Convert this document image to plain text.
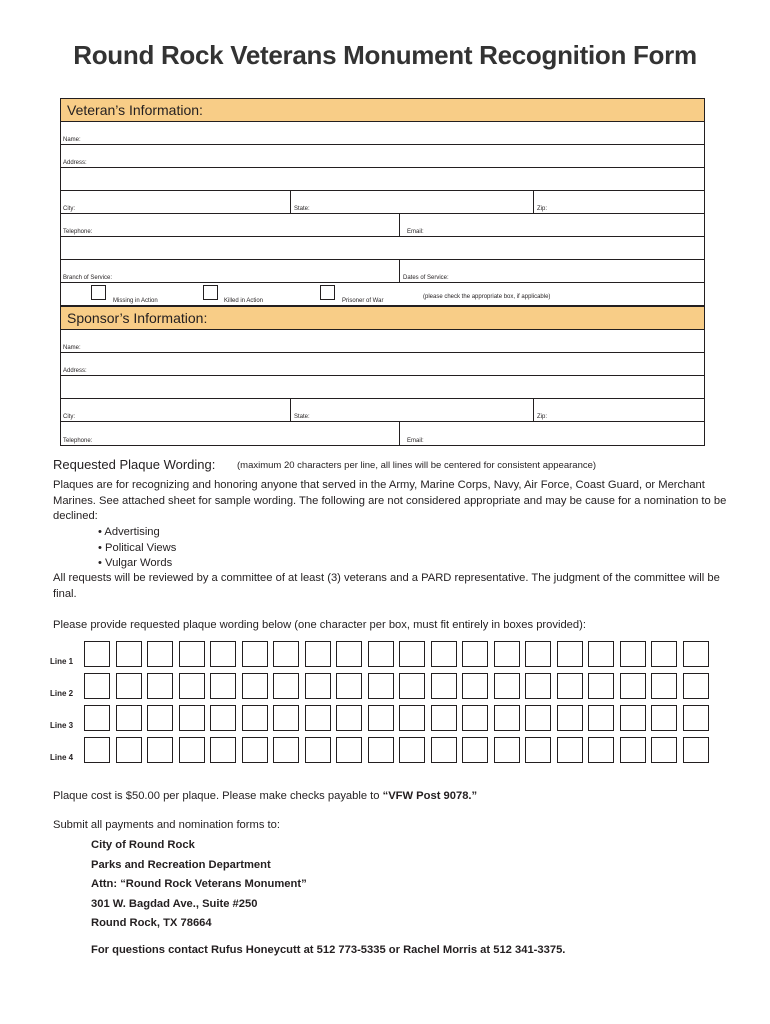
Round Rock Veterans Monument Recognition Form
Veteran’s Information:
Name:
Address:
City:	State:	Zip:
Telephone:	Email:
Branch of Service:	Dates of Service:
Missing in Action	Killed in Action	Prisoner of War
(please check the appropriate box, if applicable)
Sponsor’s Information:
Name:
Address:
City:	State:	Zip:
Telephone:	Email:
Requested Plaque Wording: (maximum 20 characters per line, all lines will be centered for consistent appearance)
Plaques are for recognizing and honoring anyone that served in the Army, Marine Corps, Navy, Air Force, Coast Guard, or Merchant Marines. See attached sheet for sample wording. The following are not considered appropriate and may be cause for a nomination to be declined:
• Advertising
• Political Views
• Vulgar Words
All requests will be reviewed by a committee of at least (3) veterans and a PARD representative. The judgment of the committee will be final.
Please provide requested plaque wording below (one character per box, must fit entirely in boxes provided):
Line 1
Line 2
Line 3
Line 4
Plaque cost is $50.00 per plaque. Please make checks payable to “VFW Post 9078.”
Submit all payments and nomination forms to:
City of Round Rock
Parks and Recreation Department
Attn: “Round Rock Veterans Monument”
301 W. Bagdad Ave., Suite #250
Round Rock, TX 78664
For questions contact Rufus Honeycutt at 512 773-5335 or Rachel Morris at 512 341-3375.
